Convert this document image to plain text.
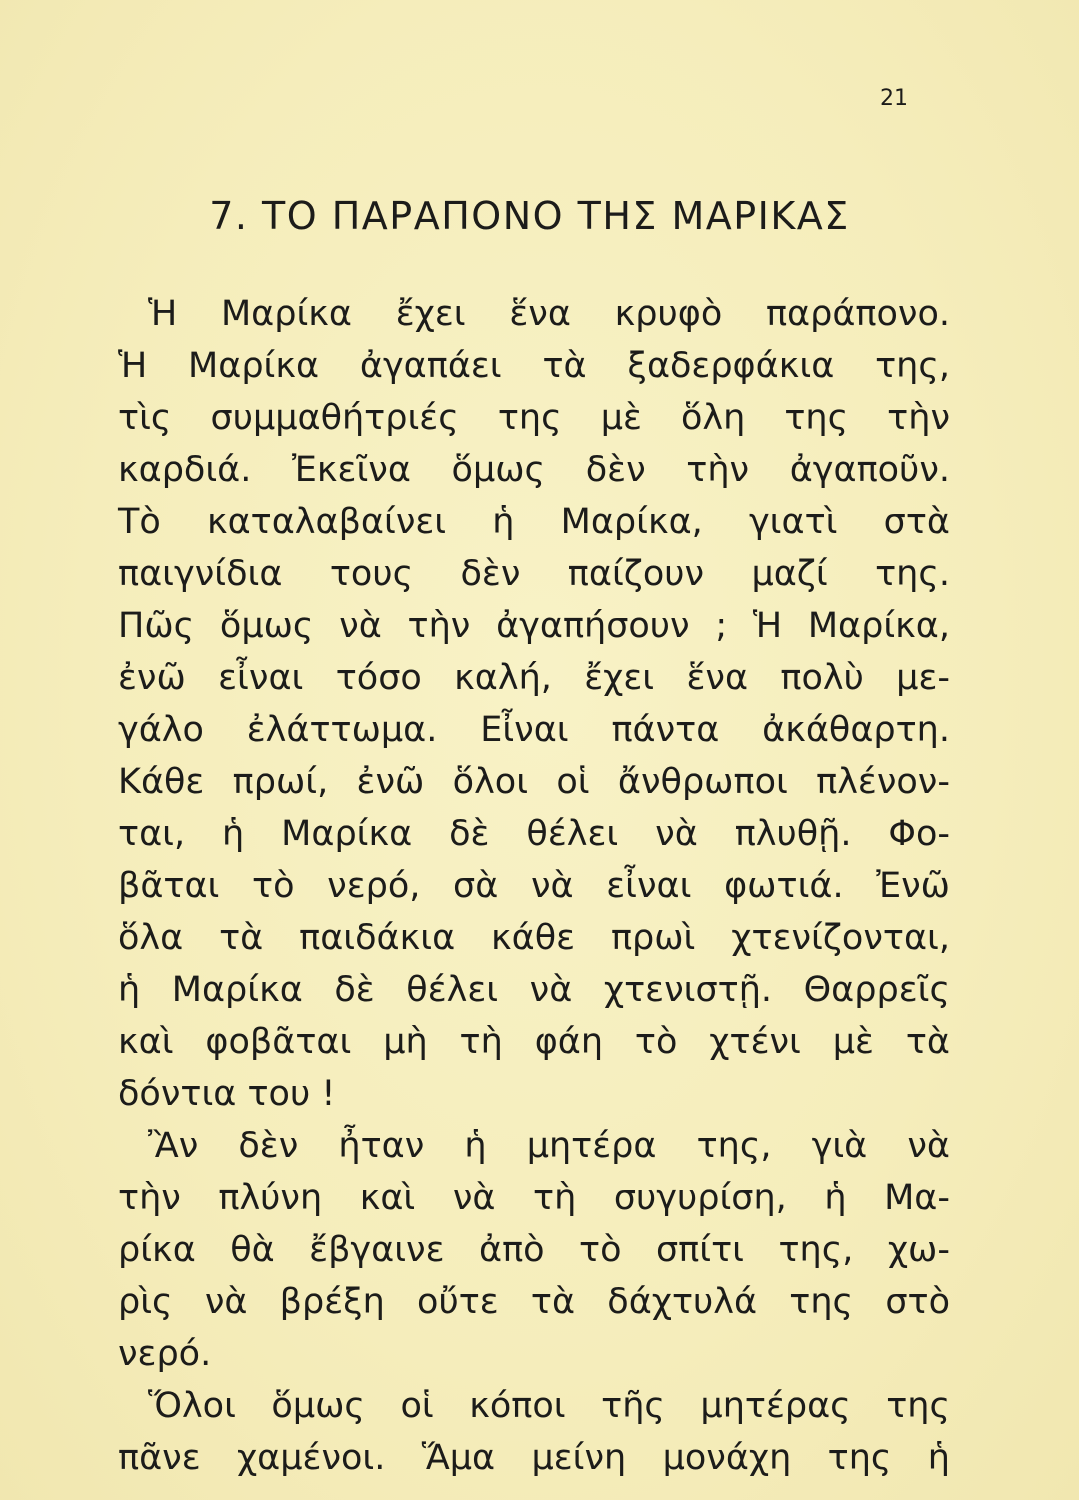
21
7. ΤΟ ΠΑΡΑΠΟΝΟ ΤΗΣ ΜΑΡΙΚΑΣ
Ἡ Μαρίκα ἔχει ἕνα κρυφὸ παράπονο.
Ἡ Μαρίκα ἀγαπάει τὰ ξαδερφάκια της,
τὶς συμμαθήτριές της μὲ ὅλη της τὴν
καρδιά. Ἐκεῖνα ὅμως δὲν τὴν ἀγαποῦν.
Τὸ καταλαβαίνει ἡ Μαρίκα, γιατὶ στὰ
παιγνίδια τους δὲν παίζουν μαζί της.
Πῶς ὅμως νὰ τὴν ἀγαπήσουν ; Ἡ Μαρίκα,
ἐνῶ εἶναι τόσο καλή, ἔχει ἕνα πολὺ με-
γάλο ἐλάττωμα. Εἶναι πάντα ἀκάθαρτη.
Κάθε πρωί, ἐνῶ ὅλοι οἱ ἄνθρωποι πλένον-
ται, ἡ Μαρίκα δὲ θέλει νὰ πλυθῇ. Φο-
βᾶται τὸ νερό, σὰ νὰ εἶναι φωτιά. Ἐνῶ
ὅλα τὰ παιδάκια κάθε πρωὶ χτενίζονται,
ἡ Μαρίκα δὲ θέλει νὰ χτενιστῇ. Θαρρεῖς
καὶ φοβᾶται μὴ τὴ φάη τὸ χτένι μὲ τὰ
δόντια του !
Ἂν δὲν ἦταν ἡ μητέρα της, γιὰ νὰ
τὴν πλύνη καὶ νὰ τὴ συγυρίση, ἡ Μα-
ρίκα θὰ ἔβγαινε ἀπὸ τὸ σπίτι της, χω-
ρὶς νὰ βρέξη οὔτε τὰ δάχτυλά της στὸ
νερό.
Ὅλοι ὅμως οἱ κόποι τῆς μητέρας της
πᾶνε χαμένοι. Ἅμα μείνη μονάχη της ἡ
